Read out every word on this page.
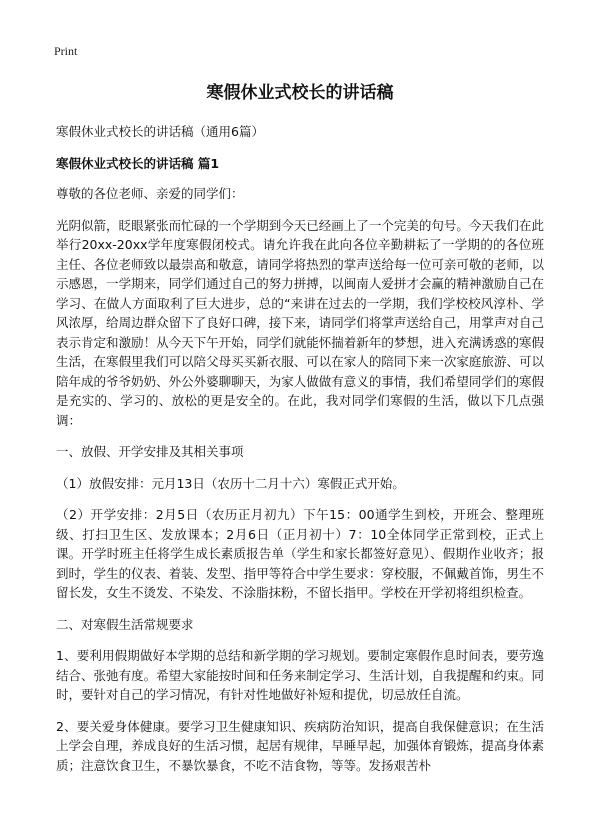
Print
寒假休业式校长的讲话稿
寒假休业式校长的讲话稿（通用6篇）
寒假休业式校长的讲话稿 篇1

尊敬的各位老师、亲爱的同学们：

光阴似箭，眨眼紧张而忙碌的一个学期到今天已经画上了一个完美的句号。今天我们在此举行20xx-20xx学年度寒假闭校式。请允许我在此向各位辛勤耕耘了一学期的的各位班主任、各位老师致以最崇高和敬意，请同学将热烈的掌声送给每一位可亲可敬的老师，以示感恩，一学期来，同学们通过自己的努力拼搏，以闽南人爱拼才会赢的精神激励自己在学习、在做人方面取利了巨大进步，总的“来讲在过去的一学期，我们学校校风淳朴、学风浓厚，给周边群众留下了良好口碑，接下来，请同学们将掌声送给自己，用掌声对自己表示肯定和激励！从今天下午开始，同学们就能怀揣着新年的梦想，进入充满诱惑的寒假生活，在寒假里我们可以陪父母买买新衣服、可以在家人的陪同下来一次家庭旅游、可以陪年成的爷爷奶奶、外公外婆聊聊天，为家人做做有意义的事情，我们希望同学们的寒假是充实的、学习的、放松的更是安全的。在此，我对同学们寒假的生活，做以下几点强调：

一、放假、开学安排及其相关事项

（1）放假安排：元月13日（农历十二月十六）寒假正式开始。

（2）开学安排：2月5日（农历正月初九）下午15：00通学生到校，开班会、整理班级、打扫卫生区、发放课本；2月6日（正月初十）7：10全体同学正常到校，正式上课。开学时班主任将学生成长素质报告单（学生和家长都签好意见）、假期作业收齐；报到时，学生的仪表、着装、发型、指甲等符合中学生要求：穿校服，不佩戴首饰，男生不留长发，女生不烫发、不染发、不涂脂抹粉，不留长指甲。学校在开学初将组织检查。

二、对寒假生活常规要求

1、要利用假期做好本学期的总结和新学期的学习规划。要制定寒假作息时间表，要劳逸结合、张弛有度。希望大家能按时间和任务来制定学习、生活计划，自我提醒和约束。同时，要针对自己的学习情况，有针对性地做好补短和提优，切忌放任自流。

2、要关爱身体健康。要学习卫生健康知识、疾病防治知识，提高自我保健意识；在生活上学会自理，养成良好的生活习惯，起居有规律，早睡早起，加强体育锻炼，提高身体素质；注意饮食卫生，不暴饮暴食，不吃不洁食物，等等。发扬艰苦朴
